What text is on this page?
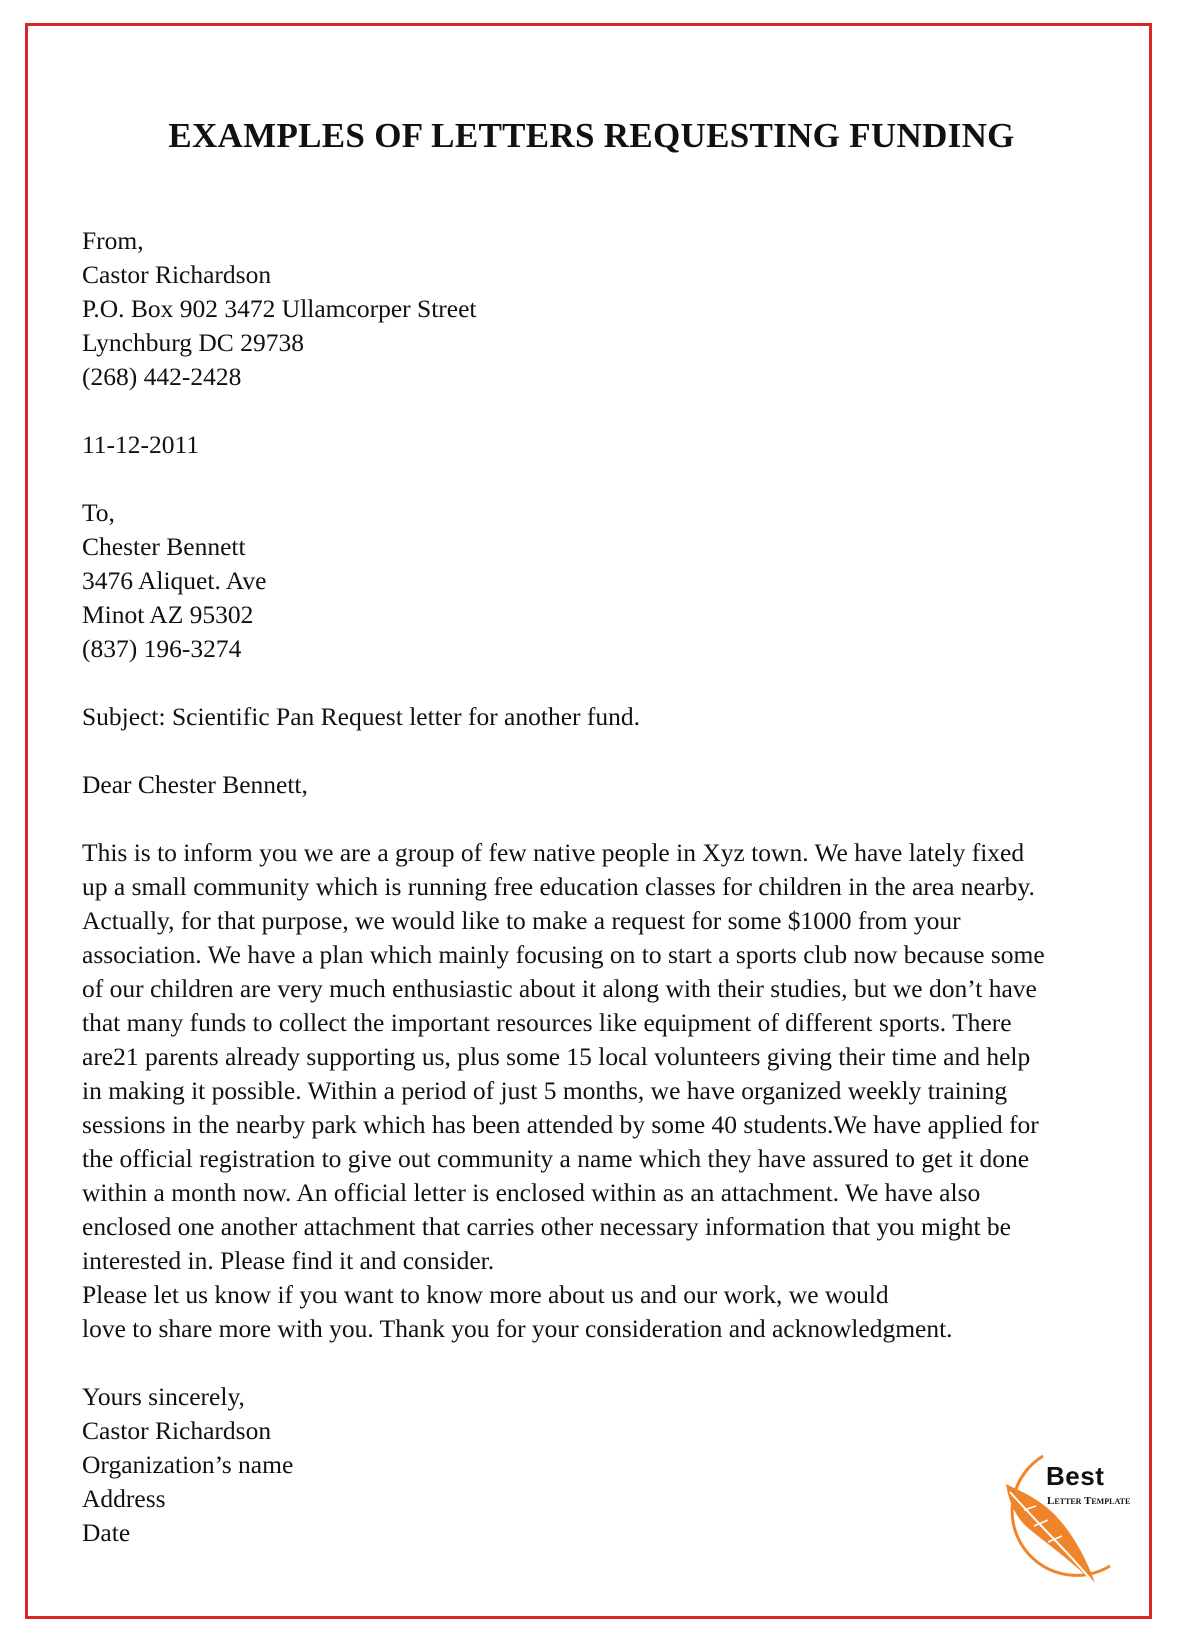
EXAMPLES OF LETTERS REQUESTING FUNDING
From,
Castor Richardson
P.O. Box 902 3472 Ullamcorper Street
Lynchburg DC 29738
(268) 442-2428
11-12-2011
To,
Chester Bennett
3476 Aliquet. Ave
Minot AZ 95302
(837) 196-3274
Subject: Scientific Pan Request letter for another fund.
Dear Chester Bennett,
This is to inform you we are a group of few native people in Xyz town. We have lately fixed
up a small community which is running free education classes for children in the area nearby.
Actually, for that purpose, we would like to make a request for some $1000 from your
association. We have a plan which mainly focusing on to start a sports club now because some
of our children are very much enthusiastic about it along with their studies, but we don’t have
that many funds to collect the important resources like equipment of different sports. There
are21 parents already supporting us, plus some 15 local volunteers giving their time and help
in making it possible. Within a period of just 5 months, we have organized weekly training
sessions in the nearby park which has been attended by some 40 students.We have applied for
the official registration to give out community a name which they have assured to get it done
within a month now. An official letter is enclosed within as an attachment. We have also
enclosed one another attachment that carries other necessary information that you might be
interested in. Please find it and consider.
Please let us know if you want to know more about us and our work, we would
love to share more with you. Thank you for your consideration and acknowledgment.
Yours sincerely,
Castor Richardson
Organization’s name
Address
Date
Best
Letter Template
